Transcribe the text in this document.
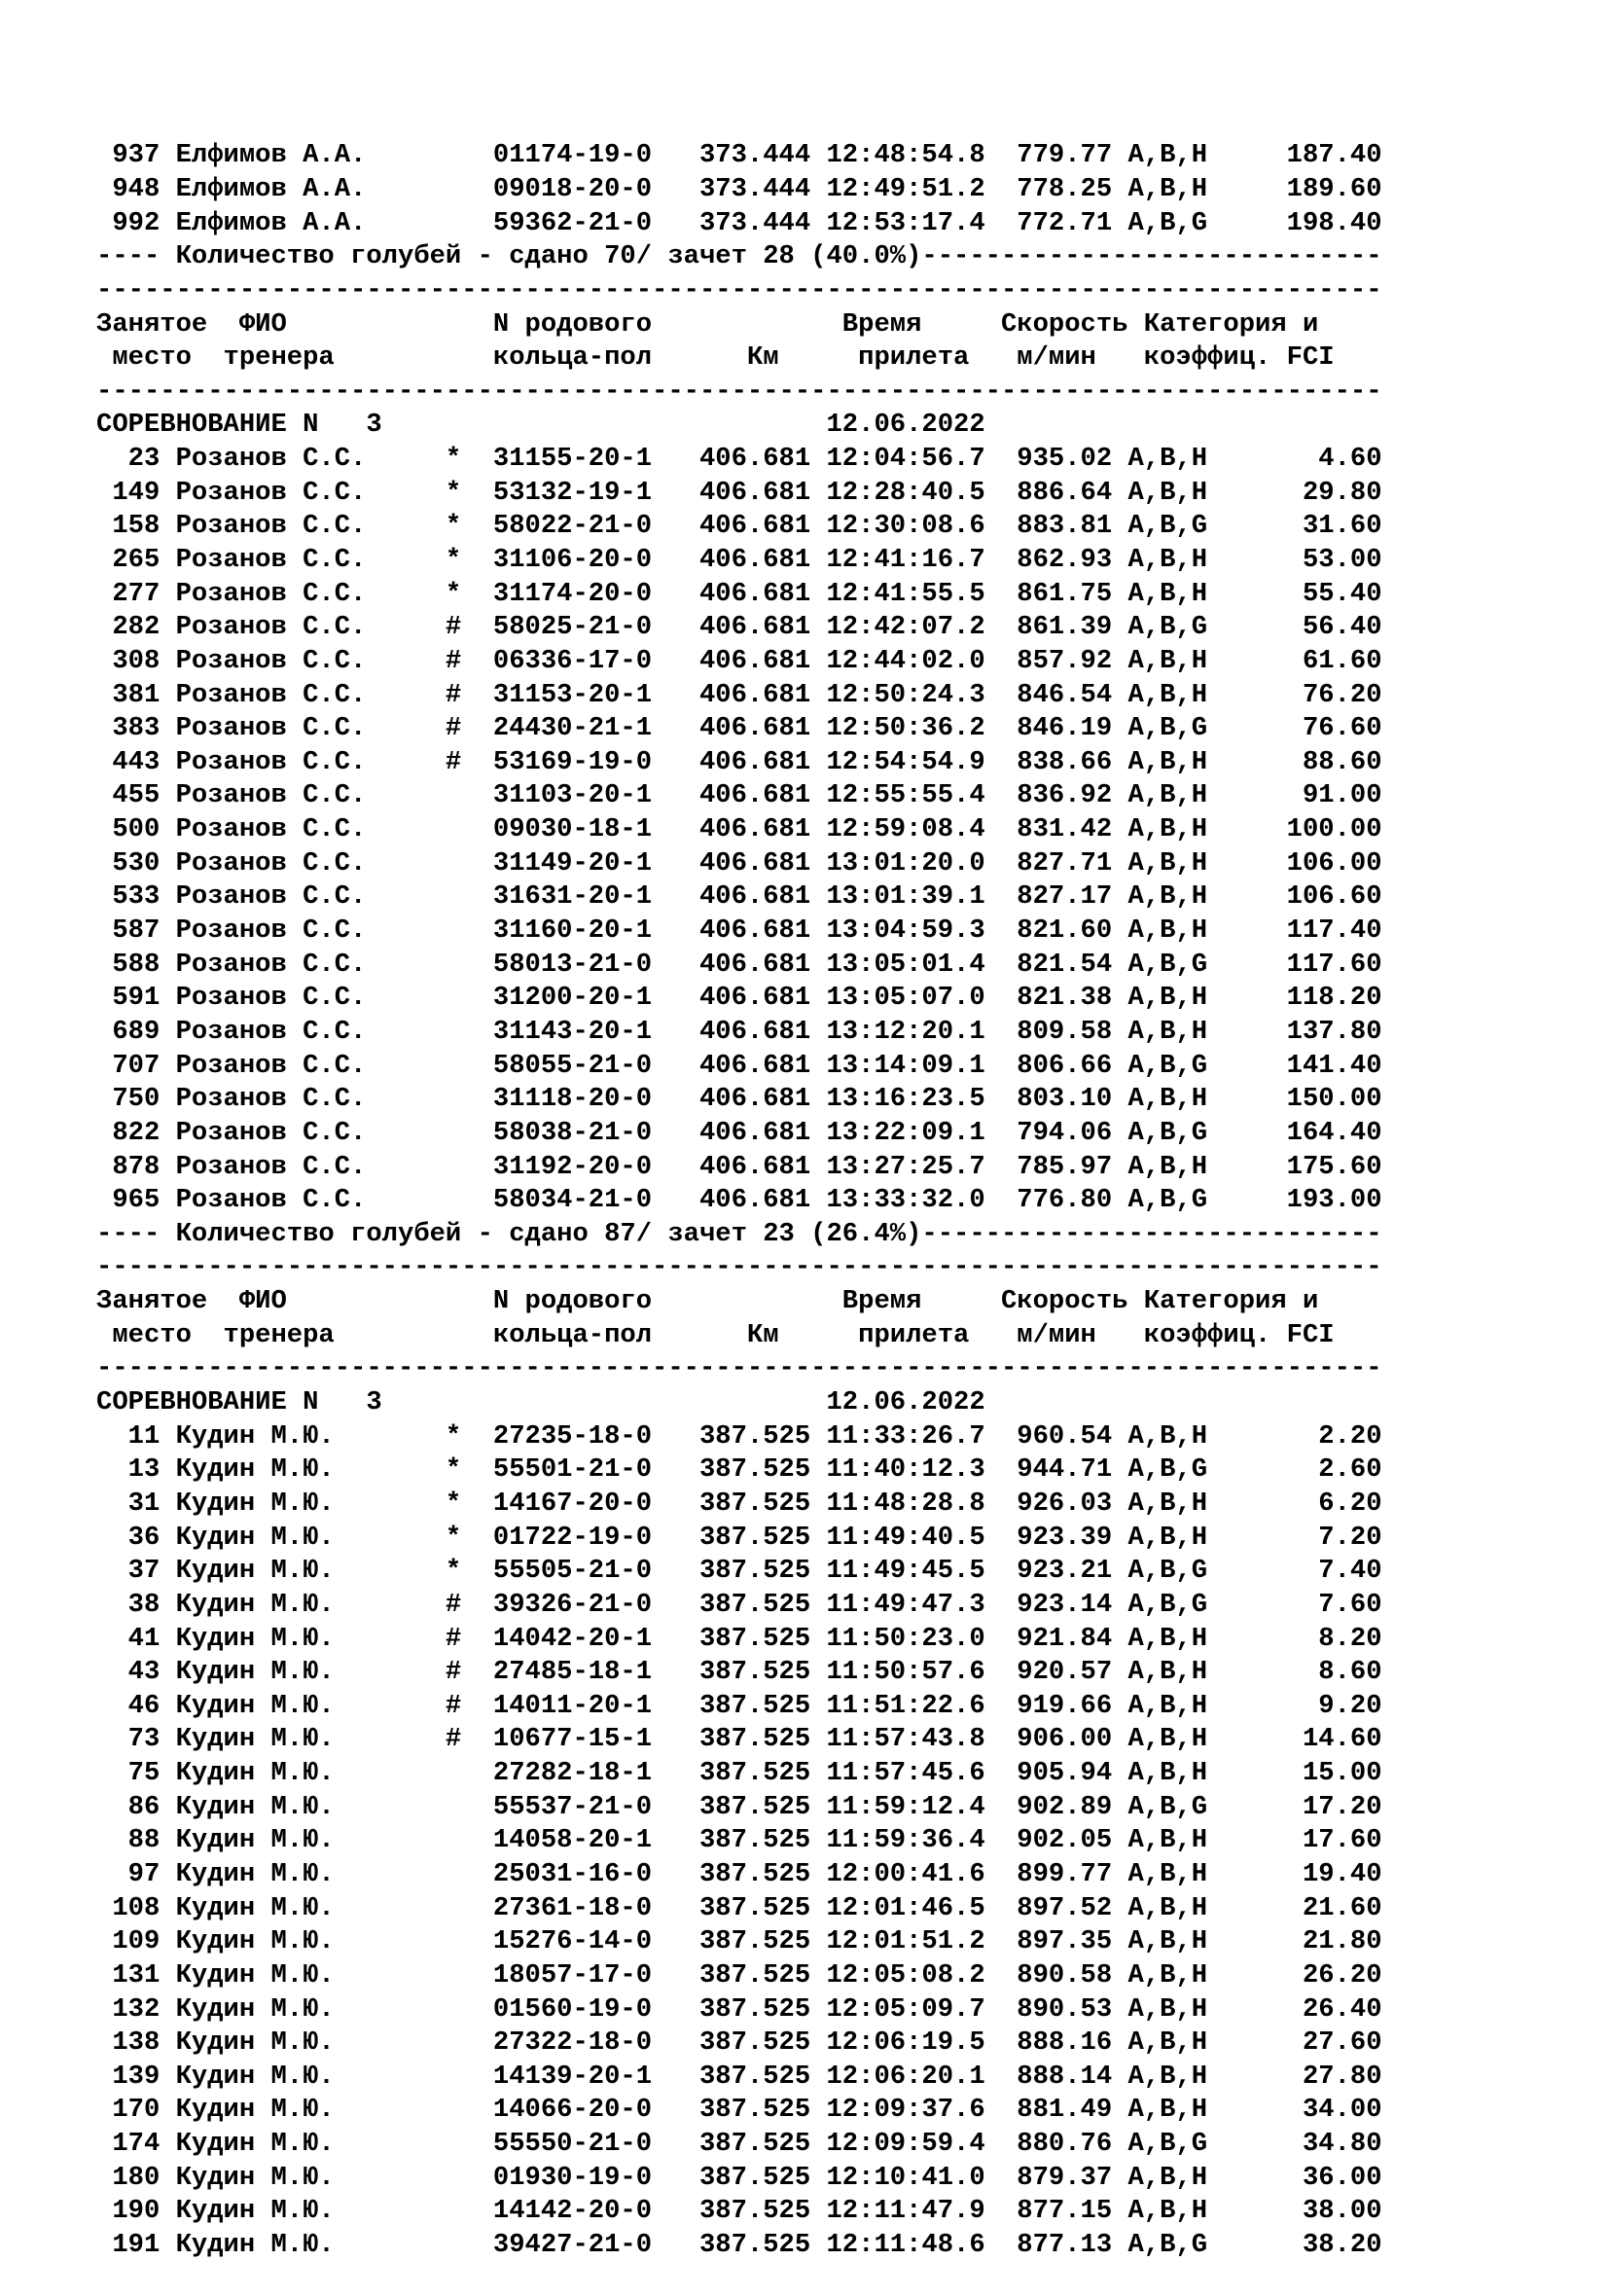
937 Елфимов А.А.        01174-19-0   373.444 12:48:54.8  779.77 A,B,H     187.40
948 Елфимов А.А.        09018-20-0   373.444 12:49:51.2  778.25 A,B,H     189.60
992 Елфимов А.А.        59362-21-0   373.444 12:53:17.4  772.71 A,B,G     198.40
---- Количество голубей - сдано 70/ зачет 28 (40.0%)-----------------------------
---------------------------------------------------------------------------------
Занятое  ФИО             N родового            Время     Скорость Категория и
место  тренера          кольца-пол      Км     прилета   м/мин   коэффиц. FCI
---------------------------------------------------------------------------------
СОРЕВНОВАНИЕ N   3                            12.06.2022
23 Розанов С.С.     *  31155-20-1   406.681 12:04:56.7  935.02 A,B,H       4.60
149 Розанов С.С.     *  53132-19-1   406.681 12:28:40.5  886.64 A,B,H      29.80
158 Розанов С.С.     *  58022-21-0   406.681 12:30:08.6  883.81 A,B,G      31.60
265 Розанов С.С.     *  31106-20-0   406.681 12:41:16.7  862.93 A,B,H      53.00
277 Розанов С.С.     *  31174-20-0   406.681 12:41:55.5  861.75 A,B,H      55.40
282 Розанов С.С.     #  58025-21-0   406.681 12:42:07.2  861.39 A,B,G      56.40
308 Розанов С.С.     #  06336-17-0   406.681 12:44:02.0  857.92 A,B,H      61.60
381 Розанов С.С.     #  31153-20-1   406.681 12:50:24.3  846.54 A,B,H      76.20
383 Розанов С.С.     #  24430-21-1   406.681 12:50:36.2  846.19 A,B,G      76.60
443 Розанов С.С.     #  53169-19-0   406.681 12:54:54.9  838.66 A,B,H      88.60
455 Розанов С.С.        31103-20-1   406.681 12:55:55.4  836.92 A,B,H      91.00
500 Розанов С.С.        09030-18-1   406.681 12:59:08.4  831.42 A,B,H     100.00
530 Розанов С.С.        31149-20-1   406.681 13:01:20.0  827.71 A,B,H     106.00
533 Розанов С.С.        31631-20-1   406.681 13:01:39.1  827.17 A,B,H     106.60
587 Розанов С.С.        31160-20-1   406.681 13:04:59.3  821.60 A,B,H     117.40
588 Розанов С.С.        58013-21-0   406.681 13:05:01.4  821.54 A,B,G     117.60
591 Розанов С.С.        31200-20-1   406.681 13:05:07.0  821.38 A,B,H     118.20
689 Розанов С.С.        31143-20-1   406.681 13:12:20.1  809.58 A,B,H     137.80
707 Розанов С.С.        58055-21-0   406.681 13:14:09.1  806.66 A,B,G     141.40
750 Розанов С.С.        31118-20-0   406.681 13:16:23.5  803.10 A,B,H     150.00
822 Розанов С.С.        58038-21-0   406.681 13:22:09.1  794.06 A,B,G     164.40
878 Розанов С.С.        31192-20-0   406.681 13:27:25.7  785.97 A,B,H     175.60
965 Розанов С.С.        58034-21-0   406.681 13:33:32.0  776.80 A,B,G     193.00
---- Количество голубей - сдано 87/ зачет 23 (26.4%)-----------------------------
---------------------------------------------------------------------------------
Занятое  ФИО             N родового            Время     Скорость Категория и
место  тренера          кольца-пол      Км     прилета   м/мин   коэффиц. FCI
---------------------------------------------------------------------------------
СОРЕВНОВАНИЕ N   3                            12.06.2022
11 Кудин М.Ю.       *  27235-18-0   387.525 11:33:26.7  960.54 A,B,H       2.20
13 Кудин М.Ю.       *  55501-21-0   387.525 11:40:12.3  944.71 A,B,G       2.60
31 Кудин М.Ю.       *  14167-20-0   387.525 11:48:28.8  926.03 A,B,H       6.20
36 Кудин М.Ю.       *  01722-19-0   387.525 11:49:40.5  923.39 A,B,H       7.20
37 Кудин М.Ю.       *  55505-21-0   387.525 11:49:45.5  923.21 A,B,G       7.40
38 Кудин М.Ю.       #  39326-21-0   387.525 11:49:47.3  923.14 A,B,G       7.60
41 Кудин М.Ю.       #  14042-20-1   387.525 11:50:23.0  921.84 A,B,H       8.20
43 Кудин М.Ю.       #  27485-18-1   387.525 11:50:57.6  920.57 A,B,H       8.60
46 Кудин М.Ю.       #  14011-20-1   387.525 11:51:22.6  919.66 A,B,H       9.20
73 Кудин М.Ю.       #  10677-15-1   387.525 11:57:43.8  906.00 A,B,H      14.60
75 Кудин М.Ю.          27282-18-1   387.525 11:57:45.6  905.94 A,B,H      15.00
86 Кудин М.Ю.          55537-21-0   387.525 11:59:12.4  902.89 A,B,G      17.20
88 Кудин М.Ю.          14058-20-1   387.525 11:59:36.4  902.05 A,B,H      17.60
97 Кудин М.Ю.          25031-16-0   387.525 12:00:41.6  899.77 A,B,H      19.40
108 Кудин М.Ю.          27361-18-0   387.525 12:01:46.5  897.52 A,B,H      21.60
109 Кудин М.Ю.          15276-14-0   387.525 12:01:51.2  897.35 A,B,H      21.80
131 Кудин М.Ю.          18057-17-0   387.525 12:05:08.2  890.58 A,B,H      26.20
132 Кудин М.Ю.          01560-19-0   387.525 12:05:09.7  890.53 A,B,H      26.40
138 Кудин М.Ю.          27322-18-0   387.525 12:06:19.5  888.16 A,B,H      27.60
139 Кудин М.Ю.          14139-20-1   387.525 12:06:20.1  888.14 A,B,H      27.80
170 Кудин М.Ю.          14066-20-0   387.525 12:09:37.6  881.49 A,B,H      34.00
174 Кудин М.Ю.          55550-21-0   387.525 12:09:59.4  880.76 A,B,G      34.80
180 Кудин М.Ю.          01930-19-0   387.525 12:10:41.0  879.37 A,B,H      36.00
190 Кудин М.Ю.          14142-20-0   387.525 12:11:47.9  877.15 A,B,H      38.00
191 Кудин М.Ю.          39427-21-0   387.525 12:11:48.6  877.13 A,B,G      38.20
